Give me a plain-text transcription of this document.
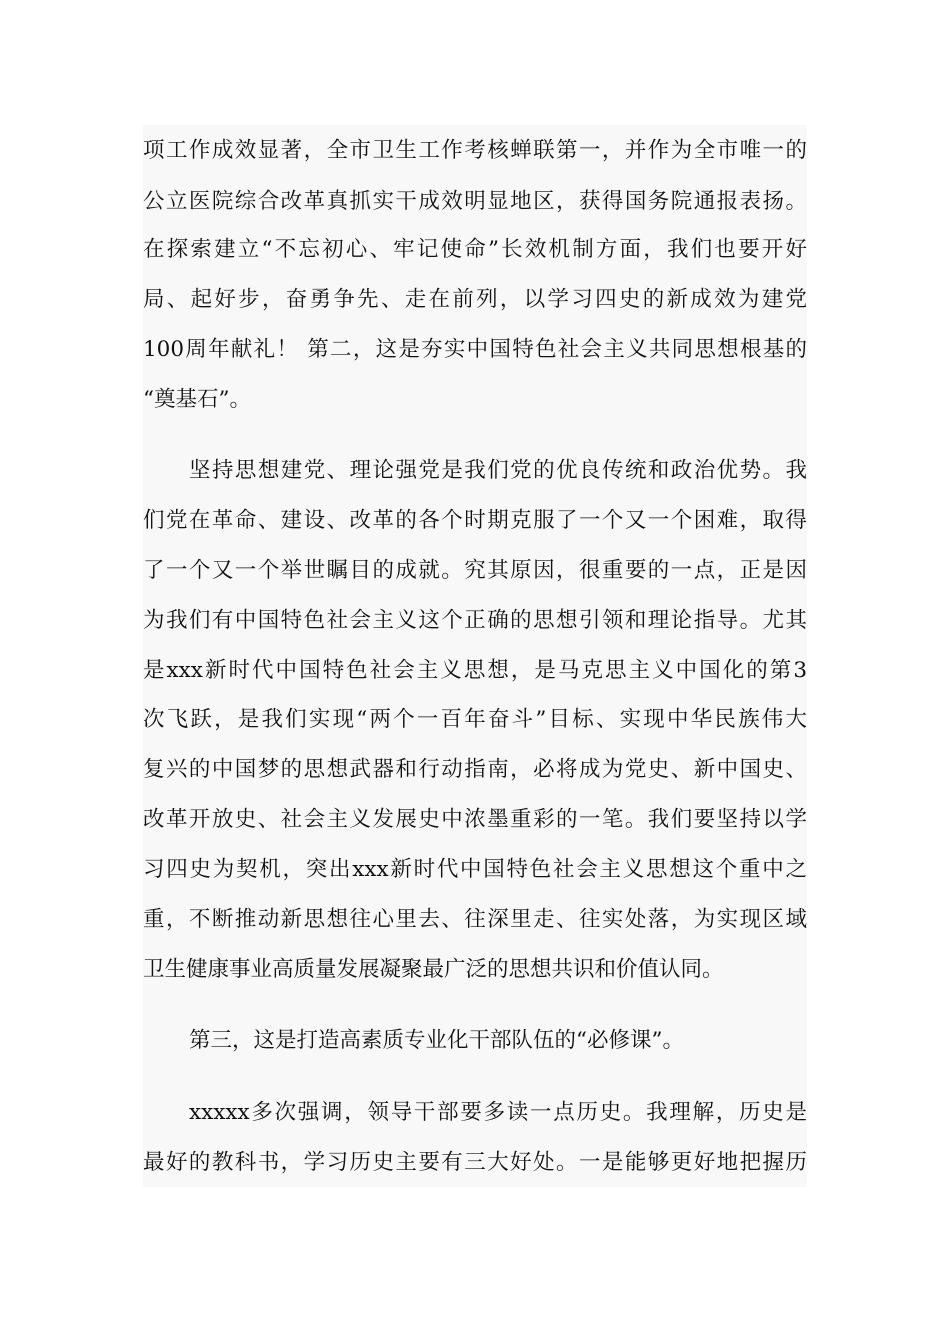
项工作成效显著，全市卫生工作考核蝉联第一，并作为全市唯一的
公立医院综合改革真抓实干成效明显地区，获得国务院通报表扬。
在探索建立“不忘初心、牢记使命”长效机制方面，我们也要开好
局、起好步，奋勇争先、走在前列，以学习四史的新成效为建党
100周年献礼！ 第二，这是夯实中国特色社会主义共同思想根基的
“奠基石”。
坚持思想建党、理论强党是我们党的优良传统和政治优势。我
们党在革命、建设、改革的各个时期克服了一个又一个困难，取得
了一个又一个举世瞩目的成就。究其原因，很重要的一点，正是因
为我们有中国特色社会主义这个正确的思想引领和理论指导。尤其
是xxx新时代中国特色社会主义思想，是马克思主义中国化的第3
次飞跃，是我们实现“两个一百年奋斗”目标、实现中华民族伟大
复兴的中国梦的思想武器和行动指南，必将成为党史、新中国史、
改革开放史、社会主义发展史中浓墨重彩的一笔。我们要坚持以学
习四史为契机，突出xxx新时代中国特色社会主义思想这个重中之
重，不断推动新思想往心里去、往深里走、往实处落，为实现区域
卫生健康事业高质量发展凝聚最广泛的思想共识和价值认同。
第三，这是打造高素质专业化干部队伍的“必修课”。
xxxxx多次强调，领导干部要多读一点历史。我理解，历史是
最好的教科书，学习历史主要有三大好处。一是能够更好地把握历
